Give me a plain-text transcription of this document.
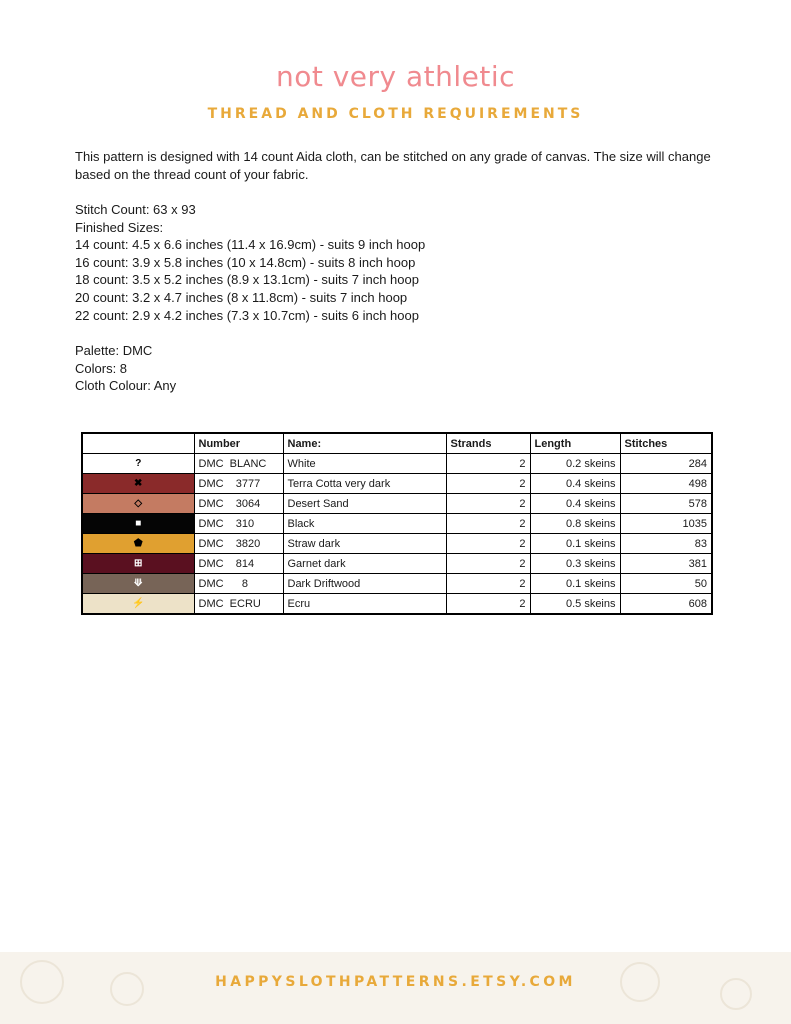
not very athletic
THREAD AND CLOTH REQUIREMENTS
This pattern is designed with 14 count Aida cloth, can be stitched on any grade of canvas. The size will change based on the thread count of your fabric.
Stitch Count: 63 x 93
Finished Sizes:
14 count: 4.5 x 6.6 inches (11.4 x 16.9cm) - suits 9 inch hoop
16 count: 3.9 x 5.8 inches (10 x 14.8cm) - suits 8 inch hoop
18 count: 3.5 x 5.2 inches (8.9 x 13.1cm) - suits 7 inch hoop
20 count: 3.2 x 4.7 inches (8 x 11.8cm) - suits 7 inch hoop
22 count: 2.9 x 4.2 inches (7.3 x 10.7cm) - suits 6 inch hoop
Palette: DMC
Colors: 8
Cloth Colour: Any
	Number	Name:	Strands	Length	Stitches
?	DMC  BLANC	White	2	0.2 skeins	284
✖	DMC    3777	Terra Cotta very dark	2	0.4 skeins	498
◇	DMC    3064	Desert Sand	2	0.4 skeins	578
■	DMC    310	Black	2	0.8 skeins	1035
⬟	DMC    3820	Straw dark	2	0.1 skeins	83
⊞	DMC    814	Garnet dark	2	0.3 skeins	381
⟱	DMC      8	Dark Driftwood	2	0.1 skeins	50
⚡	DMC  ECRU	Ecru	2	0.5 skeins	608
HAPPYSLOTHPATTERNS.ETSY.COM
